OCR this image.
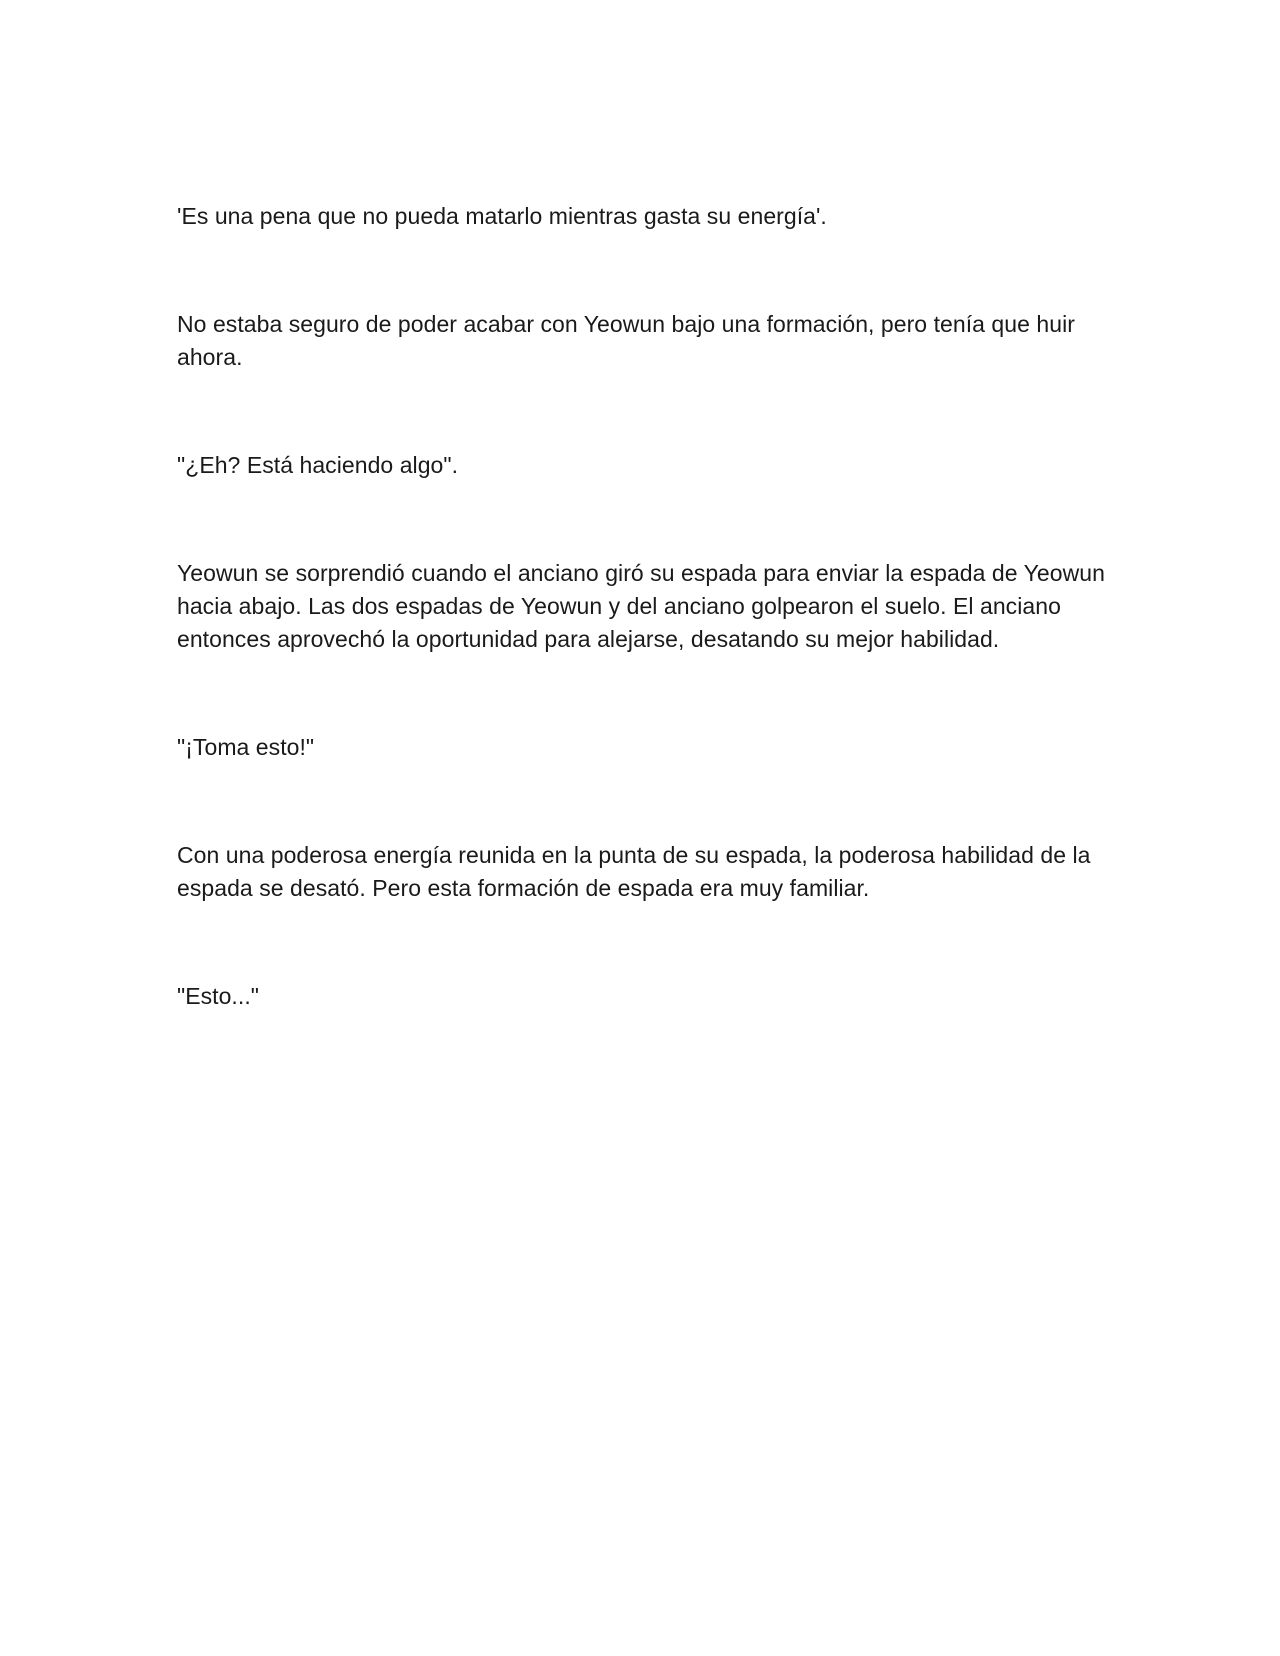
'Es una pena que no pueda matarlo mientras gasta su energía'.

No estaba seguro de poder acabar con Yeowun bajo una formación, pero tenía que huir ahora.

"¿Eh? Está haciendo algo".

Yeowun se sorprendió cuando el anciano giró su espada para enviar la espada de Yeowun hacia abajo. Las dos espadas de Yeowun y del anciano golpearon el suelo. El anciano entonces aprovechó la oportunidad para alejarse, desatando su mejor habilidad.

"¡Toma esto!"

Con una poderosa energía reunida en la punta de su espada, la poderosa habilidad de la espada se desató. Pero esta formación de espada era muy familiar.

"Esto..."
